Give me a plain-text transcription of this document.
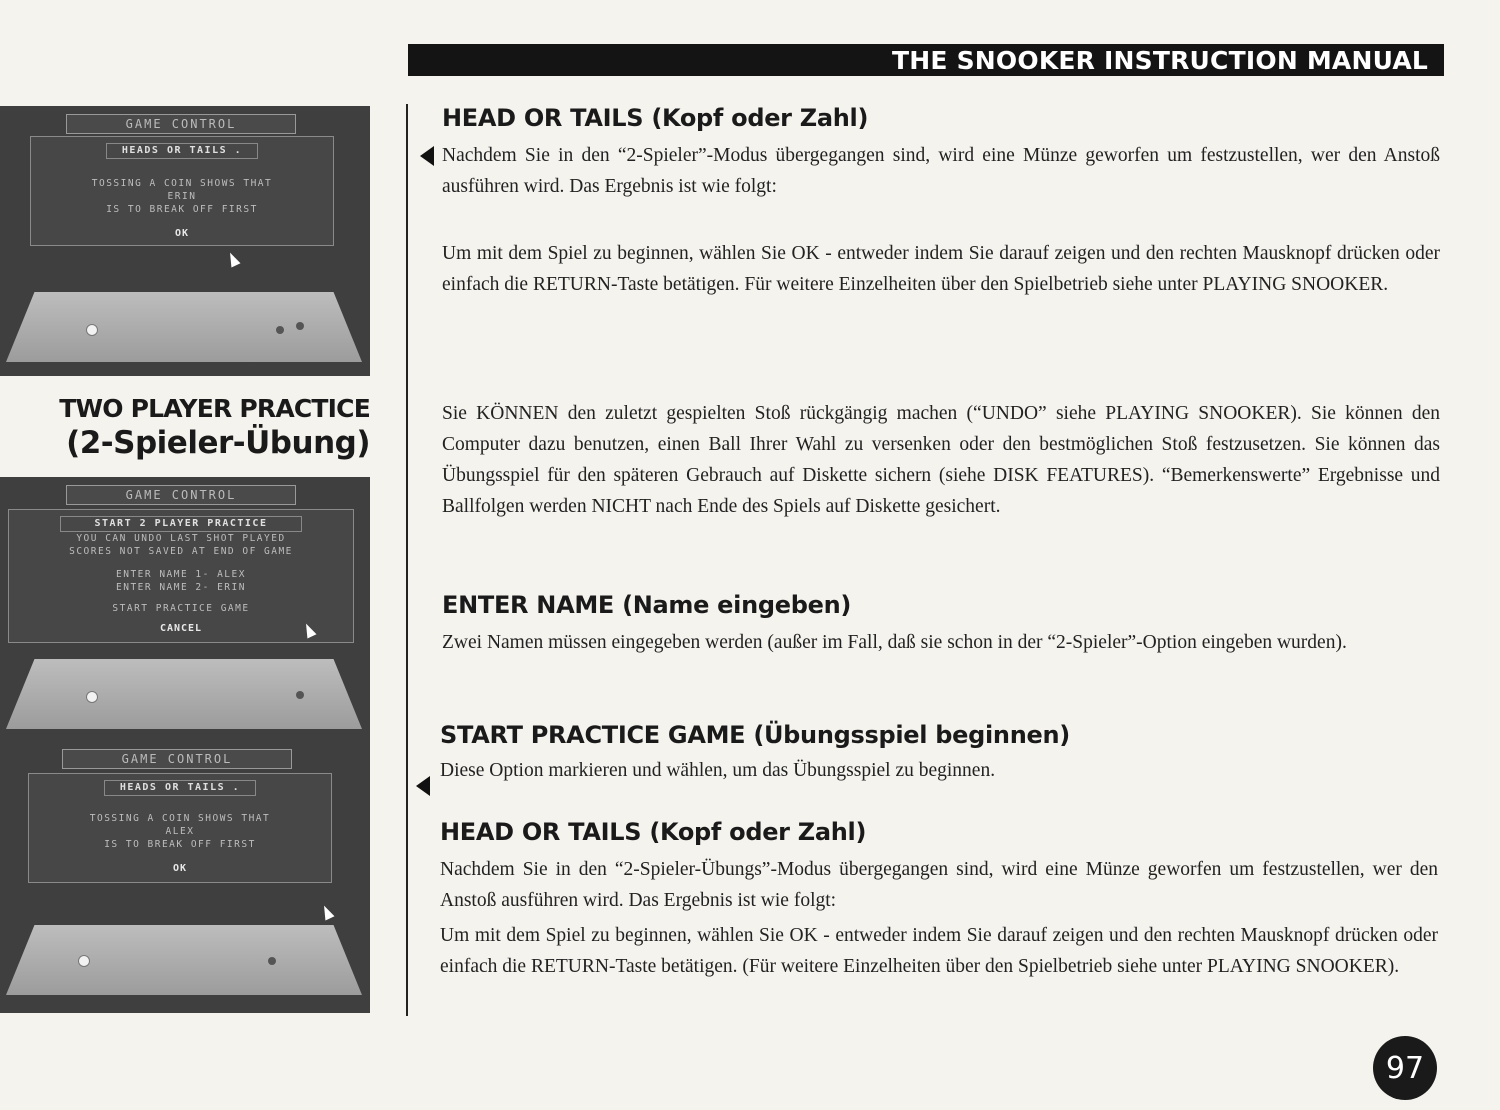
THE SNOOKER INSTRUCTION MANUAL
GAME CONTROL
HEADS OR TAILS .
TOSSING A COIN SHOWS THAT
ERIN
IS TO BREAK OFF FIRST
OK
TWO PLAYER PRACTICE
(2-Spieler-Übung)
GAME CONTROL
START 2 PLAYER PRACTICE
YOU CAN UNDO LAST SHOT PLAYED
SCORES NOT SAVED AT END OF GAME
ENTER NAME 1- ALEX
ENTER NAME 2- ERIN
START PRACTICE GAME
CANCEL
GAME CONTROL
HEADS OR TAILS .
TOSSING A COIN SHOWS THAT
ALEX
IS TO BREAK OFF FIRST
OK
HEAD OR TAILS (Kopf oder Zahl)
Nachdem Sie in den “2-Spieler”-Modus übergegangen sind, wird eine Münze geworfen um festzustellen, wer den Anstoß ausführen wird. Das Ergebnis ist wie folgt:
Um mit dem Spiel zu beginnen, wählen Sie OK - entweder indem Sie darauf zeigen und den rechten Mausknopf drücken oder einfach die RETURN-Taste betätigen. Für weitere Einzelheiten über den Spielbetrieb siehe unter PLAYING SNOOKER.
Sie KÖNNEN den zuletzt gespielten Stoß rückgängig machen (“UNDO” siehe PLAYING SNOOKER). Sie können den Computer dazu benutzen, einen Ball Ihrer Wahl zu versenken oder den bestmöglichen Stoß festzusetzen. Sie können das Übungsspiel für den späteren Gebrauch auf Diskette sichern (siehe DISK FEATURES). “Bemerkenswerte” Ergebnisse und Ballfolgen werden NICHT nach Ende des Spiels auf Diskette gesichert.
ENTER NAME (Name eingeben)
Zwei Namen müssen eingegeben werden (außer im Fall, daß sie schon in der “2-Spieler”-Option eingeben wurden).
START PRACTICE GAME (Übungsspiel beginnen)
Diese Option markieren und wählen, um das Übungsspiel zu beginnen.
HEAD OR TAILS (Kopf oder Zahl)
Nachdem Sie in den “2-Spieler-Übungs”-Modus übergegangen sind, wird eine Münze geworfen um festzustellen, wer den Anstoß ausführen wird. Das Ergebnis ist wie folgt:
Um mit dem Spiel zu beginnen, wählen Sie OK - entweder indem Sie darauf zeigen und den rechten Mausknopf drücken oder einfach die RETURN-Taste betätigen. (Für weitere Einzelheiten über den Spielbetrieb siehe unter PLAYING SNOOKER).
97
